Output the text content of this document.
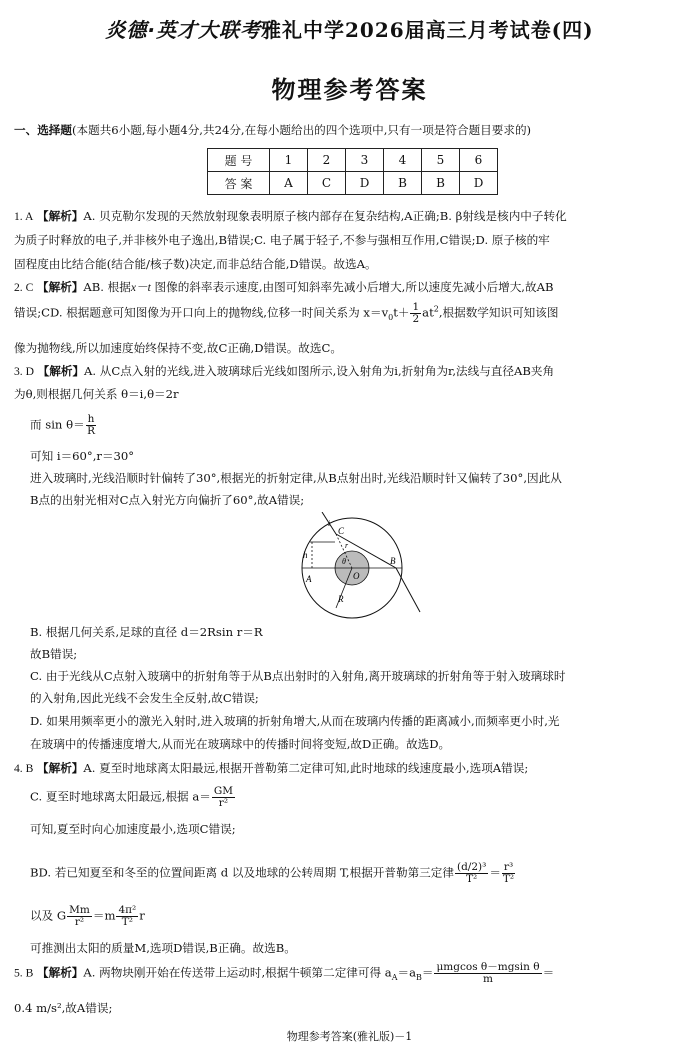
炎德·英才大联考雅礼中学2026届高三月考试卷(四)
物理参考答案
一、选择题(本题共6小题,每小题4分,共24分,在每小题给出的四个选项中,只有一项是符合题目要求的)
题 号	1	2	3	4	5	6
答 案	A	C	D	B	B	D
1. A 【解析】A. 贝克勒尔发现的天然放射现象表明原子核内部存在复杂结构,A正确;B. β射线是核内中子转化
为质子时释放的电子,并非核外电子逸出,B错误;C. 电子属于轻子,不参与强相互作用,C错误;D. 原子核的牢
固程度由比结合能(结合能/核子数)决定,而非总结合能,D错误。故选A。
2. C 【解析】AB. 根据x－t 图像的斜率表示速度,由图可知斜率先减小后增大,所以速度先减小后增大,故AB
错误;CD. 根据题意可知图像为开口向上的抛物线,位移一时间关系为 $x=v_0t+ \frac{1}{2} at^2$,根据数学知识可知该图
像为抛物线,所以加速度始终保持不变,故C正确,D错误。故选C。
3. D 【解析】A. 从C点入射的光线,进入玻璃球后光线如图所示,设入射角为i,折射角为r,法线与直径AB夹角
为θ,则根据几何关系 θ＝i,θ＝2r
而 $\sin \theta= \frac{h}{R}$
可知 i＝60°,r＝30°
进入玻璃时,光线沿顺时针偏转了30°,根据光的折射定律,从B点射出时,光线沿顺时针又偏转了30°,因此从
B点的出射光相对C点入射光方向偏折了60°,故A错误;
C
i
r
h
A
B
O
R
θ
B. 根据几何关系,足球的直径 d＝2Rsin r＝R
故B错误;
C. 由于光线从C点射入玻璃中的折射角等于从B点出射时的入射角,离开玻璃球的折射角等于射入玻璃球时
的入射角,因此光线不会发生全反射,故C错误;
D. 如果用频率更小的激光入射时,进入玻璃的折射角增大,从而在玻璃内传播的距离减小,而频率更小时,光
在玻璃中的传播速度增大,从而光在玻璃球中的传播时间将变短,故D正确。故选D。
4. B 【解析】A. 夏至时地球离太阳最远,根据开普勒第二定律可知,此时地球的线速度最小,选项A错误;
C. 夏至时地球离太阳最远,根据 $a= \frac{GM}{\text{r²}}$
可知,夏至时向心加速度最小,选项C错误;
BD. 若已知夏至和冬至的位置间距离 d 以及地球的公转周期 T,根据开普勒第三定律 $\frac{\text{(d/2)³}}{\text{T²}} = \frac{\text{r³}}{\text{T²}}$
以及 G $\frac{Mm}{\text{r²}} =m \frac{\text{4π²}}{\text{T²}}$ r
可推测出太阳的质量M,选项D错误,B正确。故选B。
5. B 【解析】A. 两物块刚开始在传送带上运动时,根据牛顿第二定律可得 $a_A=a_B= \frac{\text{μmgcos θ－mgsin θ}}{m}$ ＝
0.4 m/s²,故A错误;
物理参考答案(雅礼版)－1
